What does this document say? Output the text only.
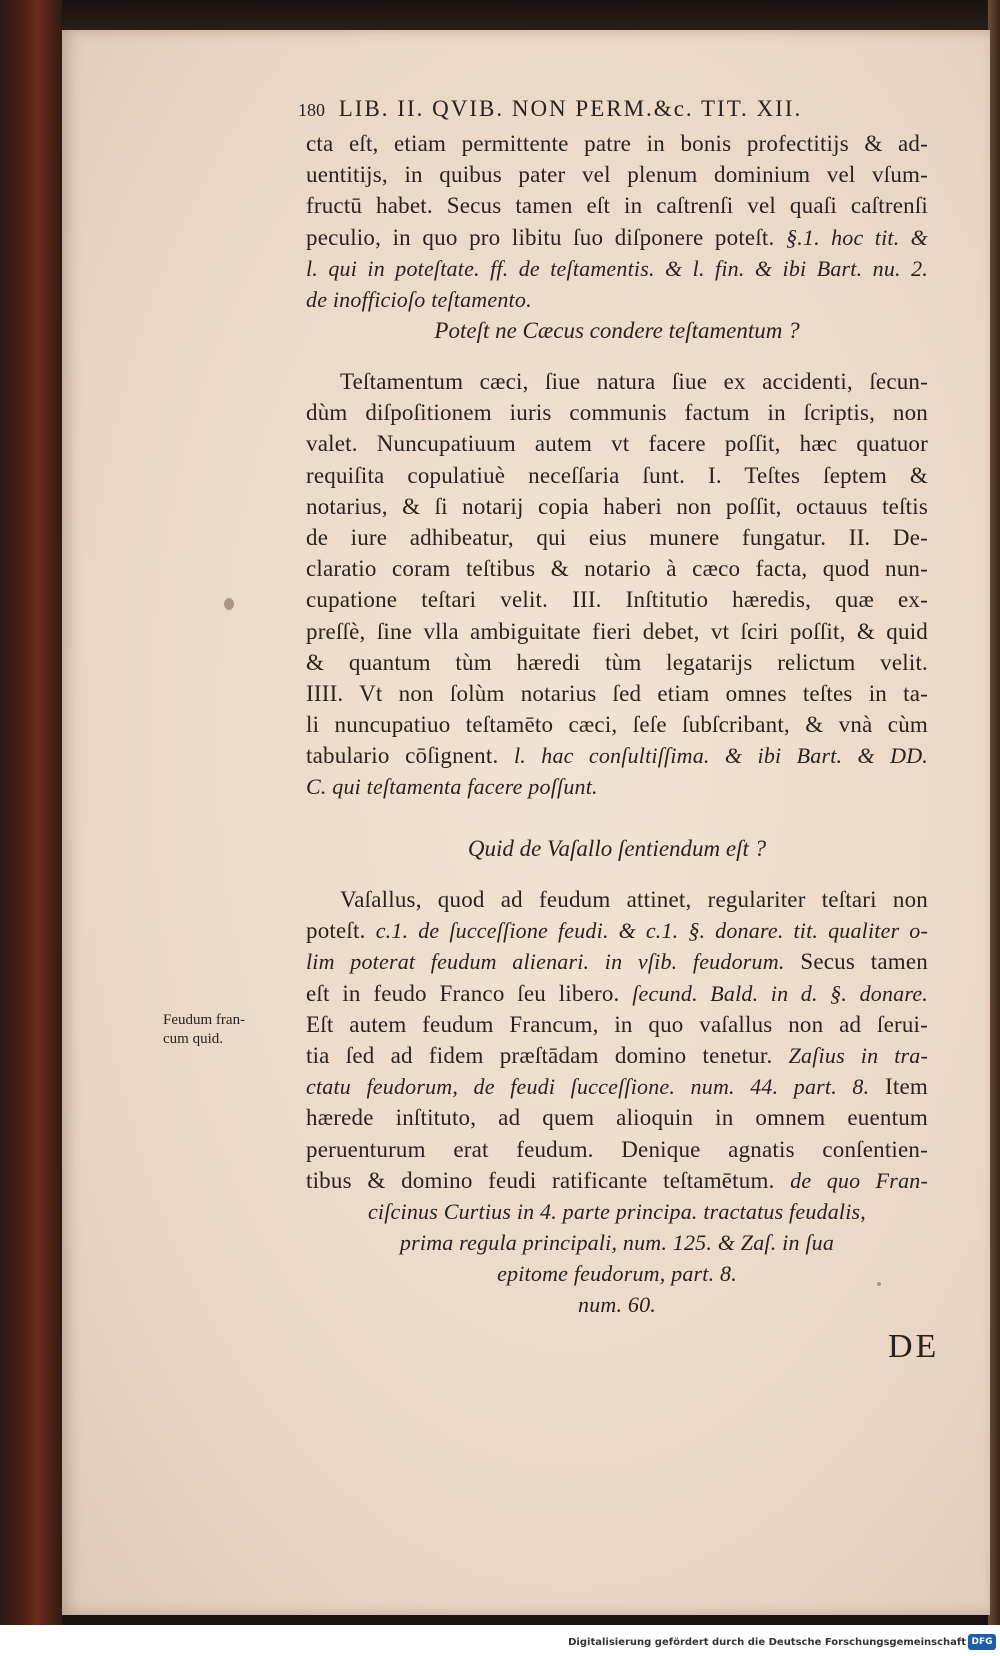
180 LIB. II. QVIB. NON PERM.&c. TIT. XII.
cta eſt, etiam permittente patre in bonis profectitijs & ad-
uentitijs, in quibus pater vel plenum dominium vel vſum-
fructū habet. Secus tamen eſt in caſtrenſi vel quaſi caſtrenſi
peculio, in quo pro libitu ſuo diſponere poteſt. §.1. hoc tit. &
l. qui in poteſtate. ff. de teſtamentis. & l. fin. & ibi Bart. nu. 2.
de inofficioſo teſtamento.
Poteſt ne Cæcus condere teſtamentum ?
Teſtamentum cæci, ſiue natura ſiue ex accidenti, ſecun-
dùm diſpoſitionem iuris communis factum in ſcriptis, non
valet. Nuncupatiuum autem vt facere poſſit, hæc quatuor
requiſita copulatiuè neceſſaria ſunt. I. Teſtes ſeptem &
notarius, & ſi notarij copia haberi non poſſit, octauus teſtis
de iure adhibeatur, qui eius munere fungatur. II. De-
claratio coram teſtibus & notario à cæco facta, quod nun-
cupatione teſtari velit. III. Inſtitutio hæredis, quæ ex-
preſſè, ſine vlla ambiguitate fieri debet, vt ſciri poſſit, & quid
& quantum tùm hæredi tùm legatarijs relictum velit.
IIII. Vt non ſolùm notarius ſed etiam omnes teſtes in ta-
li nuncupatiuo teſtamēto cæci, ſeſe ſubſcribant, & vnà cùm
tabulario cōſignent. l. hac conſultiſſima. & ibi Bart. & DD.
C. qui teſtamenta facere poſſunt.
Quid de Vaſallo ſentiendum eſt ?
Vaſallus, quod ad feudum attinet, regulariter teſtari non
poteſt. c.1. de ſucceſſione feudi. & c.1. §. donare. tit. qualiter o-
lim poterat feudum alienari. in vſib. feudorum. Secus tamen
eſt in feudo Franco ſeu libero. ſecund. Bald. in d. §. donare.
Eſt autem feudum Francum, in quo vaſallus non ad ſerui-
tia ſed ad fidem præſtādam domino tenetur. Zaſius in tra-
ctatu feudorum, de feudi ſucceſſione. num. 44. part. 8. Item
hærede inſtituto, ad quem alioquin in omnem euentum
peruenturum erat feudum. Denique agnatis conſentien-
tibus & domino feudi ratificante teſtamētum. de quo Fran-
ciſcinus Curtius in 4. parte principa. tractatus feudalis,
prima regula principali, num. 125. & Zaſ. in ſua
epitome feudorum, part. 8.
num. 60.
Feudum fran-
cum quid.
DE
Digitalisierung gefördert durch die Deutsche Forschungsgemeinschaft DFG
